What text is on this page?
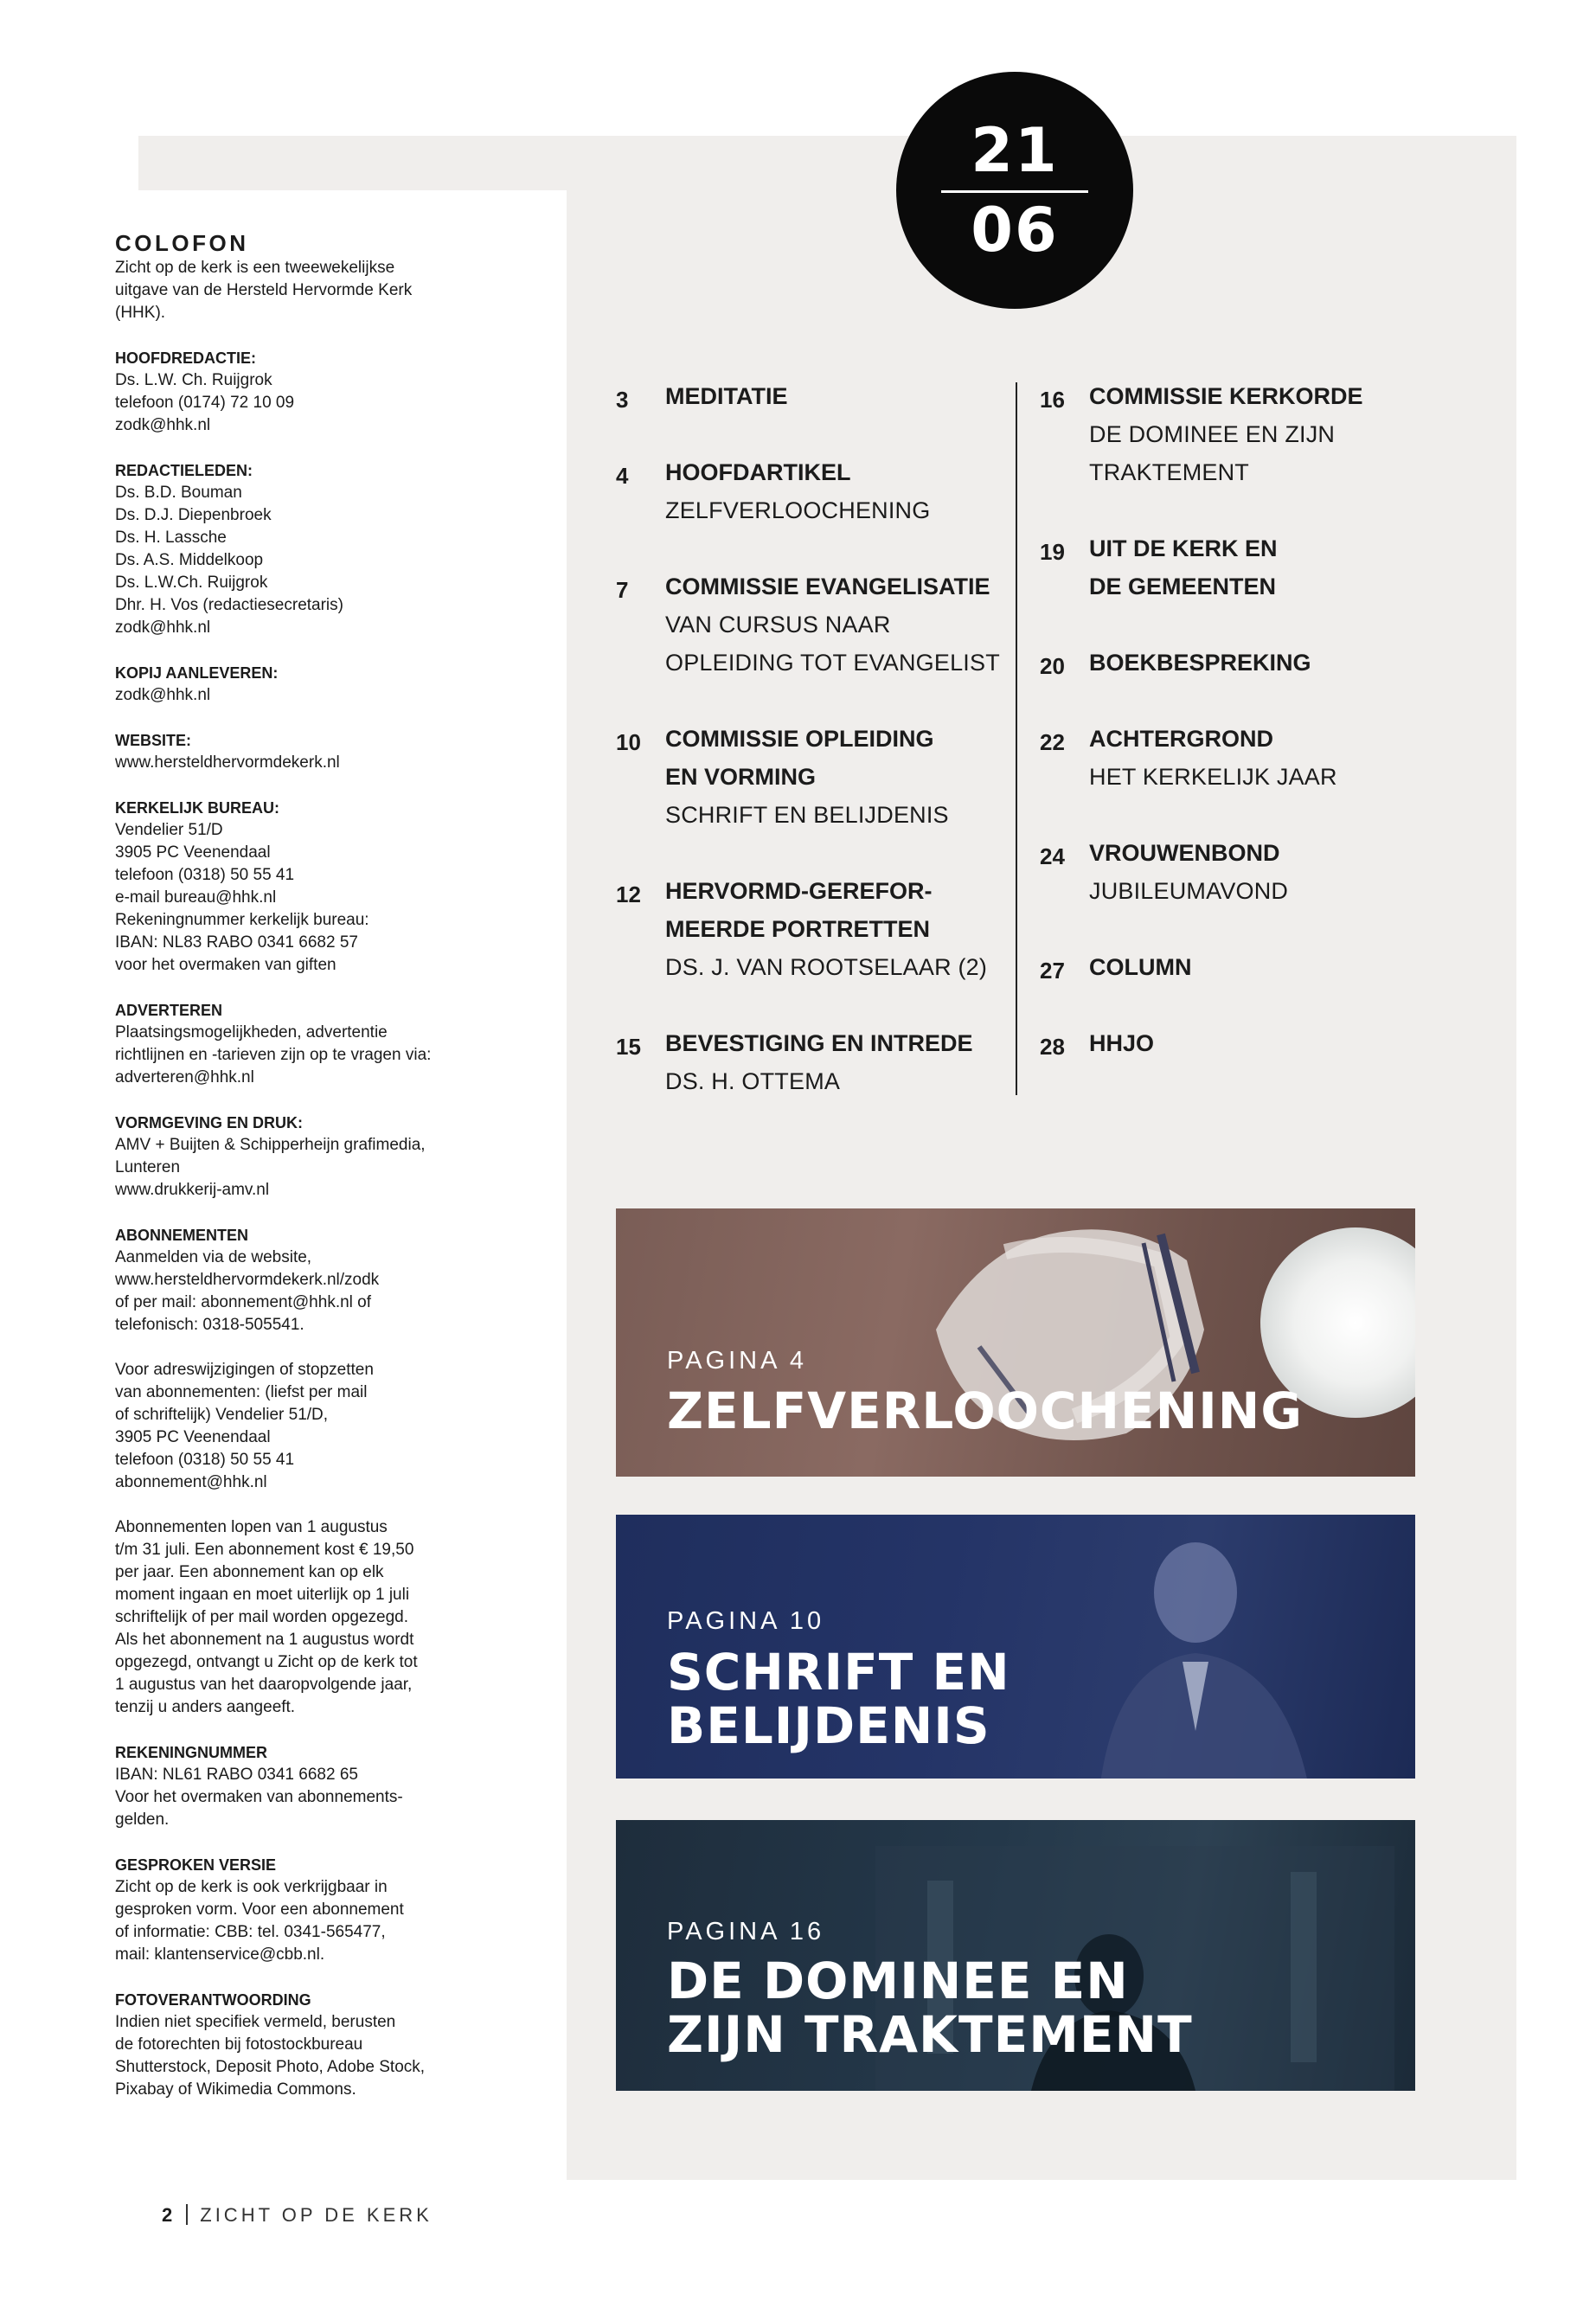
21
06
COLOFON
Zicht op de kerk is een tweewekelijkse
uitgave van de Hersteld Hervormde Kerk
(HHK).
HOOFDREDACTIE:
Ds. L.W. Ch. Ruijgrok
telefoon (0174) 72 10 09
zodk@hhk.nl
REDACTIELEDEN:
Ds. B.D. Bouman
Ds. D.J. Diepenbroek
Ds. H. Lassche
Ds. A.S. Middelkoop
Ds. L.W.Ch. Ruijgrok
Dhr. H. Vos (redactiesecretaris)
zodk@hhk.nl
KOPIJ AANLEVEREN:
zodk@hhk.nl
WEBSITE:
www.hersteldhervormdekerk.nl
KERKELIJK BUREAU:
Vendelier 51/D
3905 PC Veenendaal
telefoon (0318) 50 55 41
e-mail bureau@hhk.nl
Rekeningnummer kerkelijk bureau:
IBAN: NL83 RABO 0341 6682 57
voor het overmaken van giften
ADVERTEREN
Plaatsingsmogelijkheden, advertentie
richtlijnen en -tarieven zijn op te vragen via:
adverteren@hhk.nl
VORMGEVING EN DRUK:
AMV + Buijten & Schipperheijn grafimedia,
Lunteren
www.drukkerij-amv.nl
ABONNEMENTEN
Aanmelden via de website,
www.hersteldhervormdekerk.nl/zodk
of per mail: abonnement@hhk.nl of
telefonisch: 0318-505541.
Voor adreswijzigingen of stopzetten
van abonnementen: (liefst per mail
of schriftelijk) Vendelier 51/D,
3905 PC Veenendaal
telefoon (0318) 50 55 41
abonnement@hhk.nl
Abonnementen lopen van 1 augustus
t/m 31 juli. Een abonnement kost € 19,50
per jaar. Een abonnement kan op elk
moment ingaan en moet uiterlijk op 1 juli
schriftelijk of per mail worden opgezegd.
Als het abonnement na 1 augustus wordt
opgezegd, ontvangt u Zicht op de kerk tot
1 augustus van het daaropvolgende jaar,
tenzij u anders aangeeft.
REKENINGNUMMER
IBAN: NL61 RABO 0341 6682 65
Voor het overmaken van abonnements-
gelden.
GESPROKEN VERSIE
Zicht op de kerk is ook verkrijgbaar in
gesproken vorm. Voor een abonnement
of informatie: CBB: tel. 0341-565477,
mail: klantenservice@cbb.nl.
FOTOVERANTWOORDING
Indien niet specifiek vermeld, berusten
de fotorechten bij fotostockbureau
Shutterstock, Deposit Photo, Adobe Stock,
Pixabay of Wikimedia Commons.
3 MEDITATIE
4 HOOFDARTIKEL
ZELFVERLOOCHENING
7 COMMISSIE EVANGELISATIE
VAN CURSUS NAAR
OPLEIDING TOT EVANGELIST
10 COMMISSIE OPLEIDING
EN VORMING
SCHRIFT EN BELIJDENIS
12 HERVORMD-GEREFOR-
MEERDE PORTRETTEN
DS. J. VAN ROOTSELAAR (2)
15 BEVESTIGING EN INTREDE
DS. H. OTTEMA
16 COMMISSIE KERKORDE
DE DOMINEE EN ZIJN
TRAKTEMENT
19 UIT DE KERK EN
DE GEMEENTEN
20 BOEKBESPREKING
22 ACHTERGROND
HET KERKELIJK JAAR
24 VROUWENBOND
JUBILEUMAVOND
27 COLUMN
28 HHJO
PAGINA 4
ZELFVERLOOCHENING
PAGINA 10
SCHRIFT EN
BELIJDENIS
PAGINA 16
DE DOMINEE EN
ZIJN TRAKTEMENT
2 ZICHT OP DE KERK
